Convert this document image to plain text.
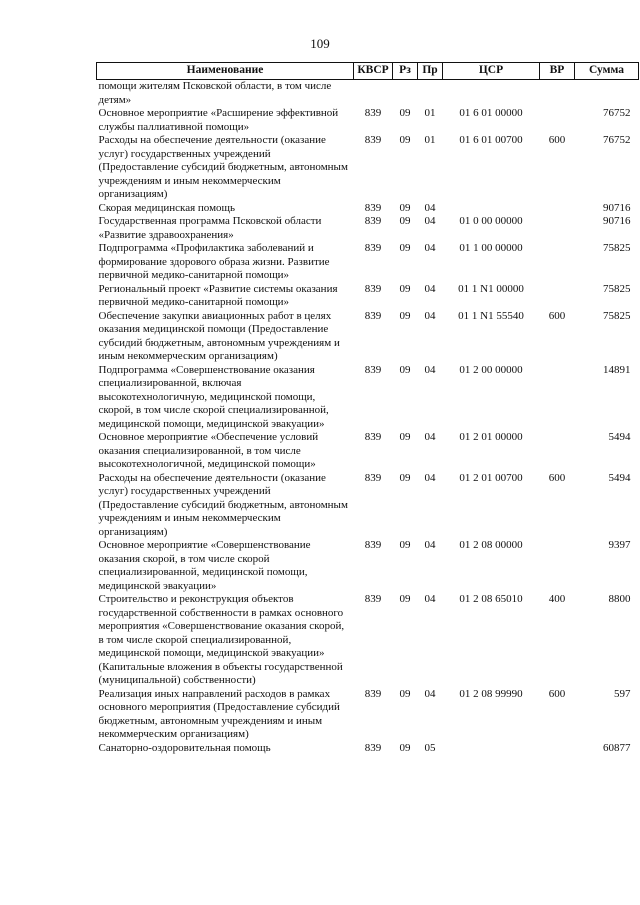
109
Наименование	КВСР	Рз	Пр	ЦСР	ВР	Сумма
помощи жителям Псковской области, в том числе детям»						
Основное мероприятие «Расширение эффективной службы паллиативной помощи»	839	09	01	01 6 01 00000		76752
Расходы на обеспечение деятельности (оказание услуг) государственных учреждений (Предоставление субсидий бюджетным, автономным учреждениям и иным некоммерческим организациям)	839	09	01	01 6 01 00700	600	76752
Скорая медицинская помощь	839	09	04			90716
Государственная программа Псковской области «Развитие здравоохранения»	839	09	04	01 0 00 00000		90716
Подпрограмма «Профилактика заболеваний и формирование здорового образа жизни. Развитие первичной медико-санитарной помощи»	839	09	04	01 1 00 00000		75825
Региональный проект «Развитие системы оказания первичной медико-санитарной помощи»	839	09	04	01 1 N1 00000		75825
Обеспечение закупки авиационных работ в целях оказания медицинской помощи (Предоставление субсидий бюджетным, автономным учреждениям и иным некоммерческим организациям)	839	09	04	01 1 N1 55540	600	75825
Подпрограмма «Совершенствование оказания специализированной, включая высокотехнологичную, медицинской помощи, скорой, в том числе скорой специализированной, медицинской помощи, медицинской эвакуации»	839	09	04	01 2 00 00000		14891
Основное мероприятие «Обеспечение условий оказания специализированной, в том числе высокотехнологичной, медицинской помощи»	839	09	04	01 2 01 00000		5494
Расходы на обеспечение деятельности (оказание услуг) государственных учреждений (Предоставление субсидий бюджетным, автономным учреждениям и иным некоммерческим организациям)	839	09	04	01 2 01 00700	600	5494
Основное мероприятие «Совершенствование оказания скорой, в том числе скорой специализированной, медицинской помощи, медицинской эвакуации»	839	09	04	01 2 08 00000		9397
Строительство и реконструкция объектов государственной собственности в рамках основного мероприятия «Совершенствование оказания скорой, в том числе скорой специализированной, медицинской помощи, медицинской эвакуации» (Капитальные вложения в объекты государственной (муниципальной) собственности)	839	09	04	01 2 08 65010	400	8800
Реализация иных направлений расходов в рамках основного мероприятия (Предоставление субсидий бюджетным, автономным учреждениям и иным некоммерческим организациям)	839	09	04	01 2 08 99990	600	597
Санаторно-оздоровительная помощь	839	09	05			60877
